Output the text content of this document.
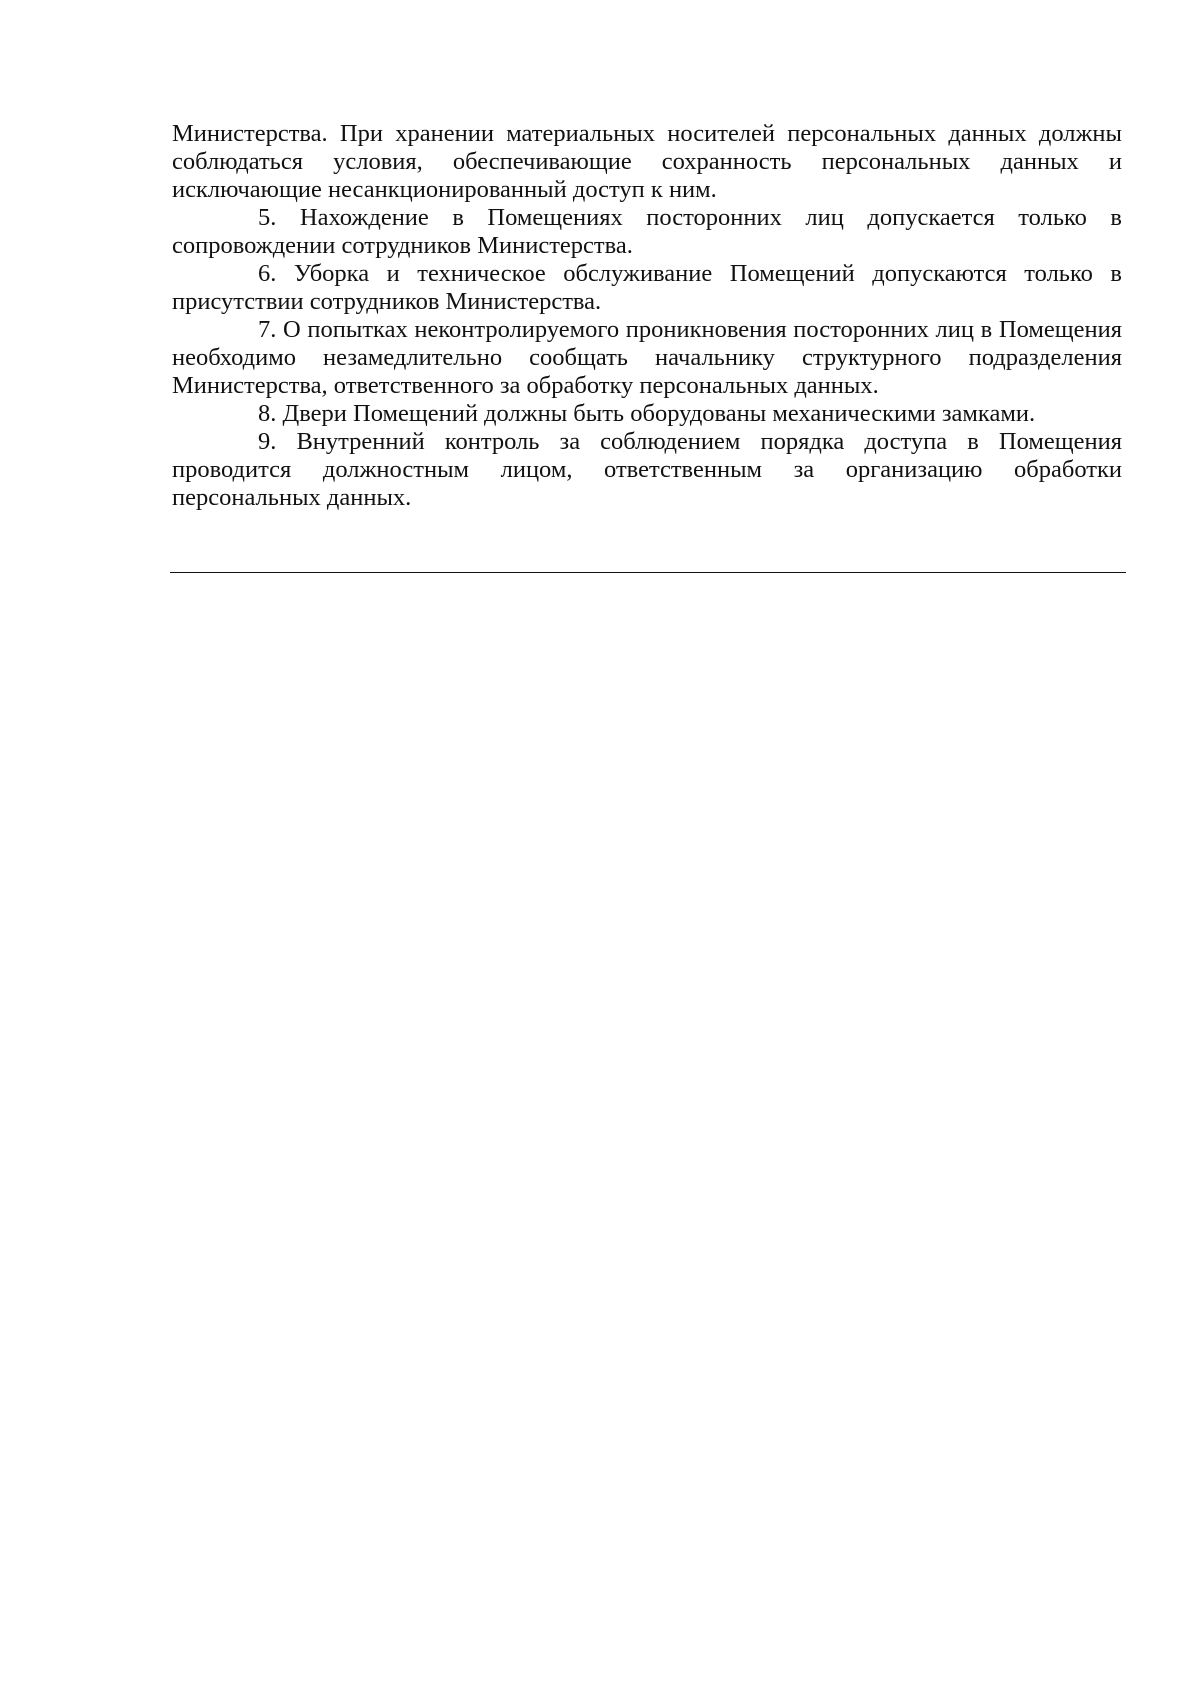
Министерства. При хранении материальных носителей персональных данных должны соблюдаться условия, обеспечивающие сохранность персональных данных и исключающие несанкционированный доступ к ним.

5. Нахождение в Помещениях посторонних лиц допускается только в сопровождении сотрудников Министерства.

6. Уборка и техническое обслуживание Помещений допускаются только в присутствии сотрудников Министерства.

7. О попытках неконтролируемого проникновения посторонних лиц в Помещения необходимо незамедлительно сообщать начальнику структурного подразделения Министерства, ответственного за обработку персональных данных.

8. Двери Помещений должны быть оборудованы механическими замками.

9. Внутренний контроль за соблюдением порядка доступа в Помещения проводится должностным лицом, ответственным за организацию обработки персональных данных.
